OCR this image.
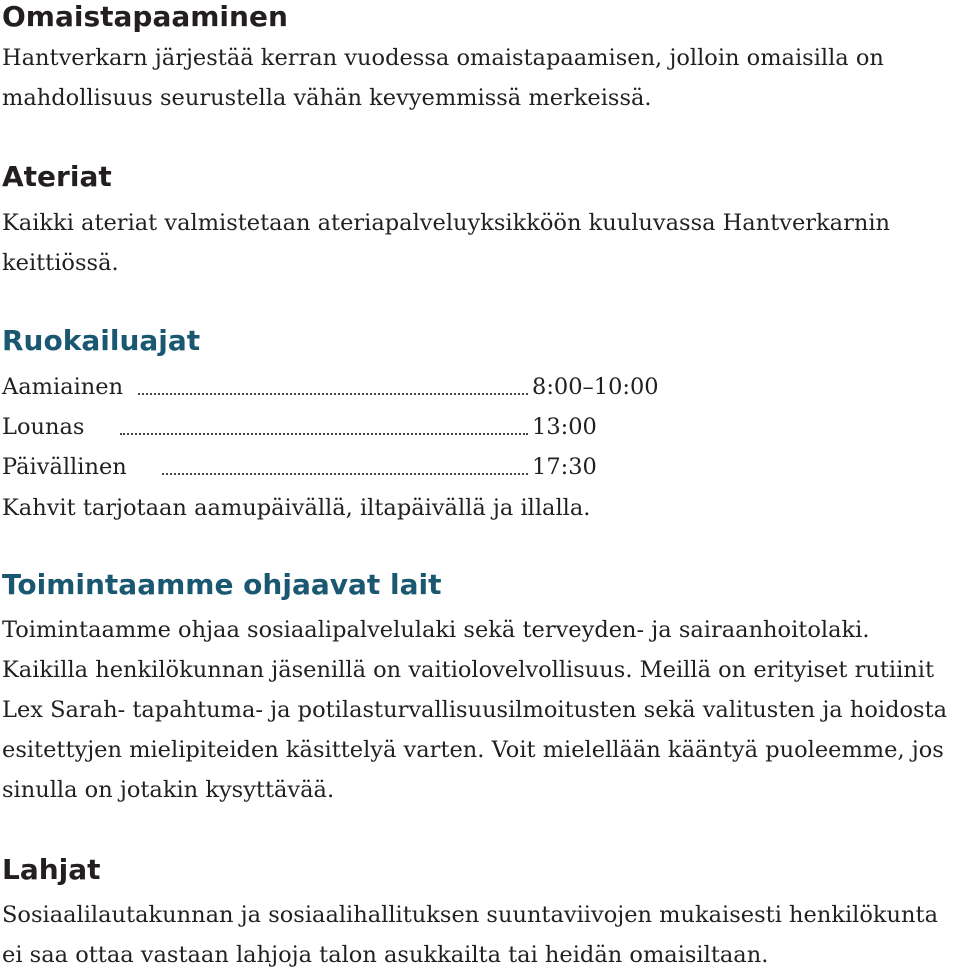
Omaistapaaminen

Hantverkarn järjestää kerran vuodessa omaistapaamisen, jolloin omaisilla on mahdollisuus seurustella vähän kevyemmissä merkeissä.

Ateriat

Kaikki ateriat valmistetaan ateriapalveluyksikköön kuuluvassa Hantverkarnin keittiössä.

Ruokailuajat
Aamiainen	8:00–10:00
Lounas	13:00
Päivällinen	17:30

Kahvit tarjotaan aamupäivällä, iltapäivällä ja illalla.

Toimintaamme ohjaavat lait

Toimintaamme ohjaa sosiaalipalvelulaki sekä terveyden- ja sairaanhoitolaki. Kaikilla henkilökunnan jäsenillä on vaitiolovelvollisuus. Meillä on erityiset rutiinit Lex Sarah- tapahtuma- ja potilasturvallisuusilmoitusten sekä valitusten ja hoidosta esitettyjen mielipiteiden käsittelyä varten. Voit mielellään kääntyä puoleemme, jos sinulla on jotakin kysyttävää.

Lahjat

Sosiaalilautakunnan ja sosiaalihallituksen suuntaviivojen mukaisesti henkilökunta ei saa ottaa vastaan lahjoja talon asukkailta tai heidän omaisiltaan.
